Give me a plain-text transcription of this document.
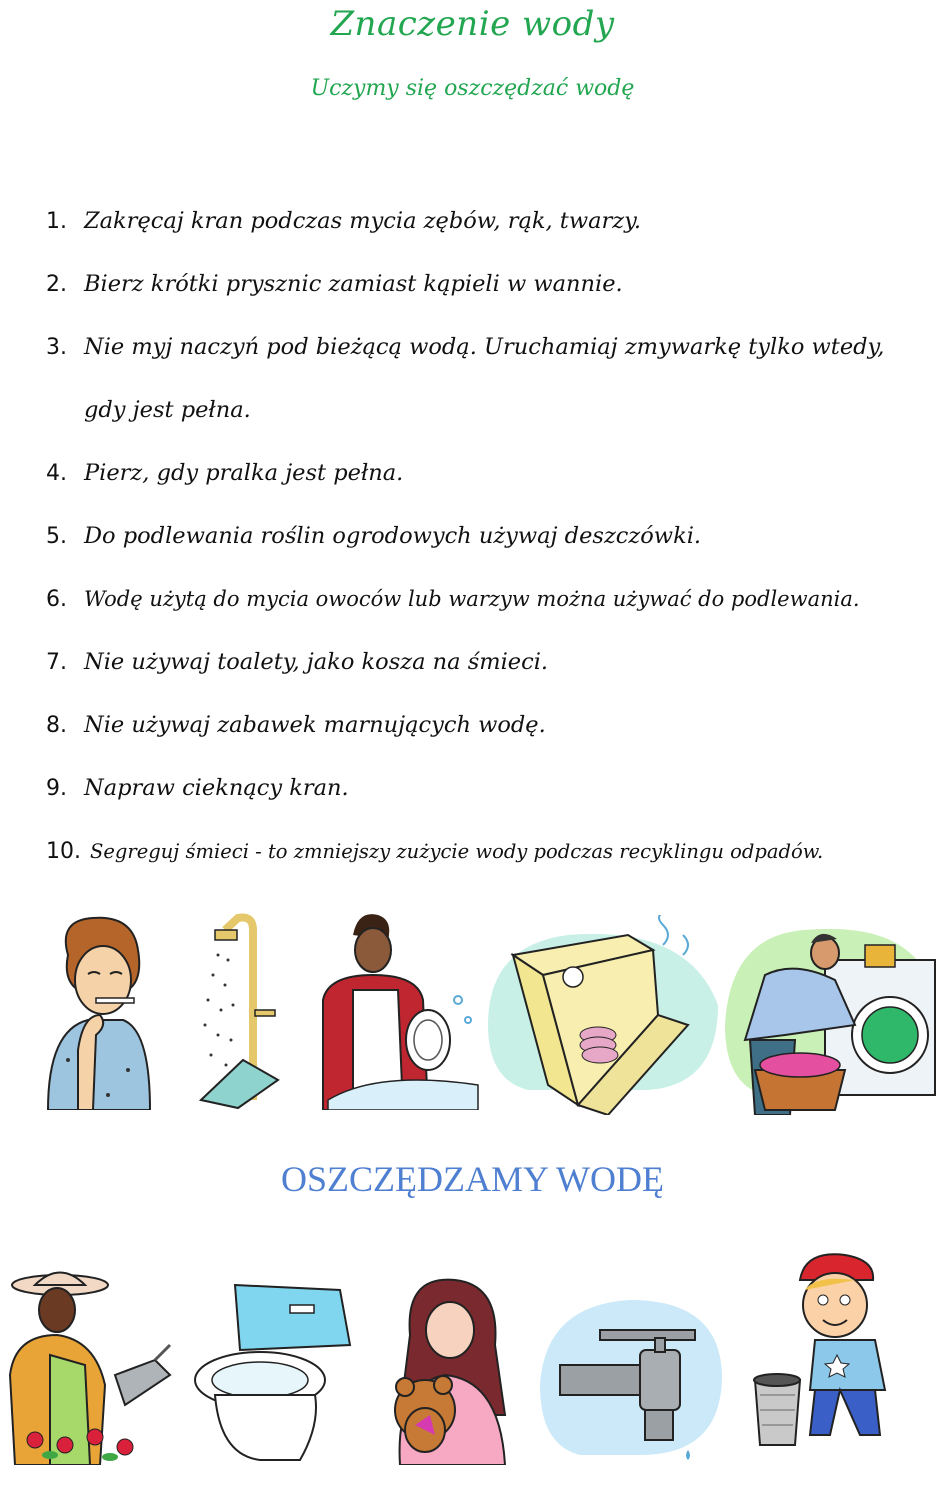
Znaczenie wody
Uczymy się oszczędzać wodę
1. Zakręcaj kran podczas mycia zębów, rąk, twarzy.
2. Bierz krótki prysznic zamiast kąpieli w wannie.
3. Nie myj naczyń pod bieżącą wodą. Uruchamiaj zmywarkę tylko wtedy, gdy jest pełna.
4. Pierz, gdy pralka jest pełna.
5. Do podlewania roślin ogrodowych używaj deszczówki.
6. Wodę użytą do mycia owoców lub warzyw można używać do podlewania.
7. Nie używaj toalety, jako kosza na śmieci.
8. Nie używaj zabawek marnujących wodę.
9. Napraw cieknący kran.
10. Segreguj śmieci - to zmniejszy zużycie wody podczas recyklingu odpadów.
OSZCZĘDZAMY WODĘ
